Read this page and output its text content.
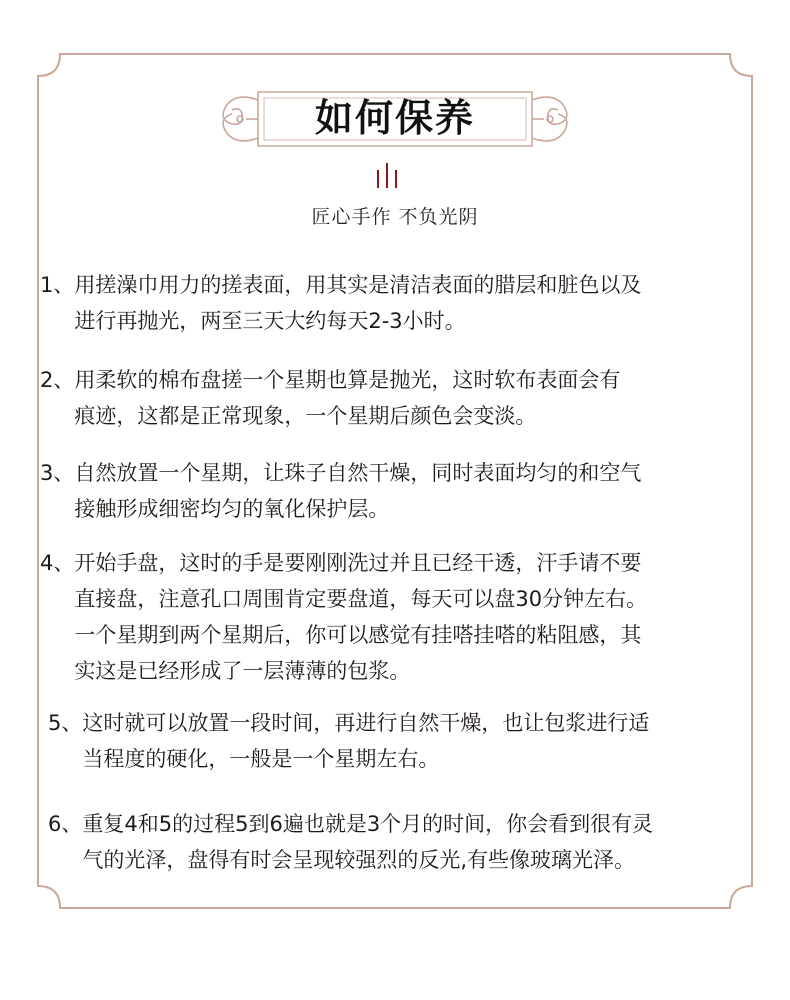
如何保养
匠心手作 不负光阴
1、 用搓澡巾用力的搓表面，用其实是清洁表面的腊层和脏色以及
进行再抛光，两至三天大约每天2-3小时。
2、 用柔软的棉布盘搓一个星期也算是抛光，这时软布表面会有
痕迹，这都是正常现象，一个星期后颜色会变淡。
3、 自然放置一个星期，让珠子自然干燥，同时表面均匀的和空气
接触形成细密均匀的氧化保护层。
4、 开始手盘，这时的手是要刚刚洗过并且已经干透，汗手请不要
直接盘，注意孔口周围肯定要盘道，每天可以盘30分钟左右。
一个星期到两个星期后，你可以感觉有挂嗒挂嗒的粘阻感，其
实这是已经形成了一层薄薄的包浆。
5、 这时就可以放置一段时间，再进行自然干燥，也让包浆进行适
当程度的硬化，一般是一个星期左右。
6、 重复4和5的过程5到6遍也就是3个月的时间，你会看到很有灵
气的光泽，盘得有时会呈现较强烈的反光,有些像玻璃光泽。
